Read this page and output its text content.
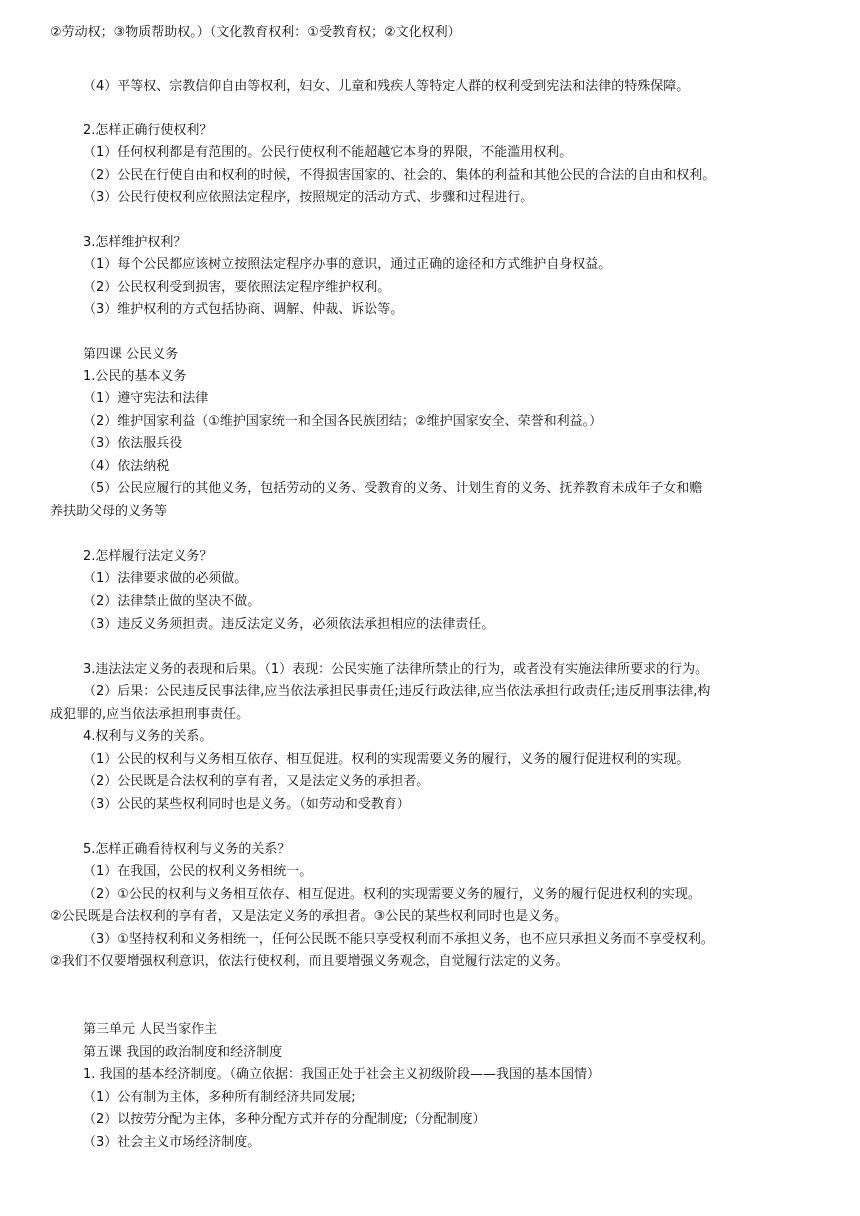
②劳动权；③物质帮助权。）（文化教育权利：①受教育权；②文化权利）
（4）平等权、宗教信仰自由等权利，妇女、儿童和残疾人等特定人群的权利受到宪法和法律的特殊保障。
2.怎样正确行使权利？
（1）任何权利都是有范围的。公民行使权利不能超越它本身的界限，不能滥用权利。
（2）公民在行使自由和权利的时候，不得损害国家的、社会的、集体的利益和其他公民的合法的自由和权利。
（3）公民行使权利应依照法定程序，按照规定的活动方式、步骤和过程进行。
3.怎样维护权利？
（1）每个公民都应该树立按照法定程序办事的意识，通过正确的途径和方式维护自身权益。
（2）公民权利受到损害，要依照法定程序维护权利。
（3）维护权利的方式包括协商、调解、仲裁、诉讼等。
第四课 公民义务
1.公民的基本义务
（1）遵守宪法和法律
（2）维护国家利益（①维护国家统一和全国各民族团结；②维护国家安全、荣誉和利益。）
（3）依法服兵役
（4）依法纳税
（5）公民应履行的其他义务，包括劳动的义务、受教育的义务、计划生育的义务、抚养教育未成年子女和赡
养扶助父母的义务等
2.怎样履行法定义务？
（1）法律要求做的必须做。
（2）法律禁止做的坚决不做。
（3）违反义务须担责。违反法定义务，必须依法承担相应的法律责任。
3.违法法定义务的表现和后果。（1）表现：公民实施了法律所禁止的行为，或者没有实施法律所要求的行为。
（2）后果：公民违反民事法律,应当依法承担民事责任;违反行政法律,应当依法承担行政责任;违反刑事法律,构
成犯罪的,应当依法承担刑事责任。
4.权利与义务的关系。
（1）公民的权利与义务相互依存、相互促进。权利的实现需要义务的履行，义务的履行促进权利的实现。
（2）公民既是合法权利的享有者，又是法定义务的承担者。
（3）公民的某些权利同时也是义务。（如劳动和受教育）
5.怎样正确看待权利与义务的关系？
（1）在我国，公民的权利义务相统一。
（2）①公民的权利与义务相互依存、相互促进。权利的实现需要义务的履行，义务的履行促进权利的实现。
②公民既是合法权利的享有者，又是法定义务的承担者。③公民的某些权利同时也是义务。
（3）①坚持权利和义务相统一，任何公民既不能只享受权利而不承担义务，也不应只承担义务而不享受权利。
②我们不仅要增强权利意识，依法行使权利，而且要增强义务观念，自觉履行法定的义务。
第三单元 人民当家作主
第五课 我国的政治制度和经济制度
1. 我国的基本经济制度。（确立依据：我国正处于社会主义初级阶段——我国的基本国情）
（1）公有制为主体，多种所有制经济共同发展;
（2）以按劳分配为主体，多种分配方式并存的分配制度;（分配制度）
（3）社会主义市场经济制度。
